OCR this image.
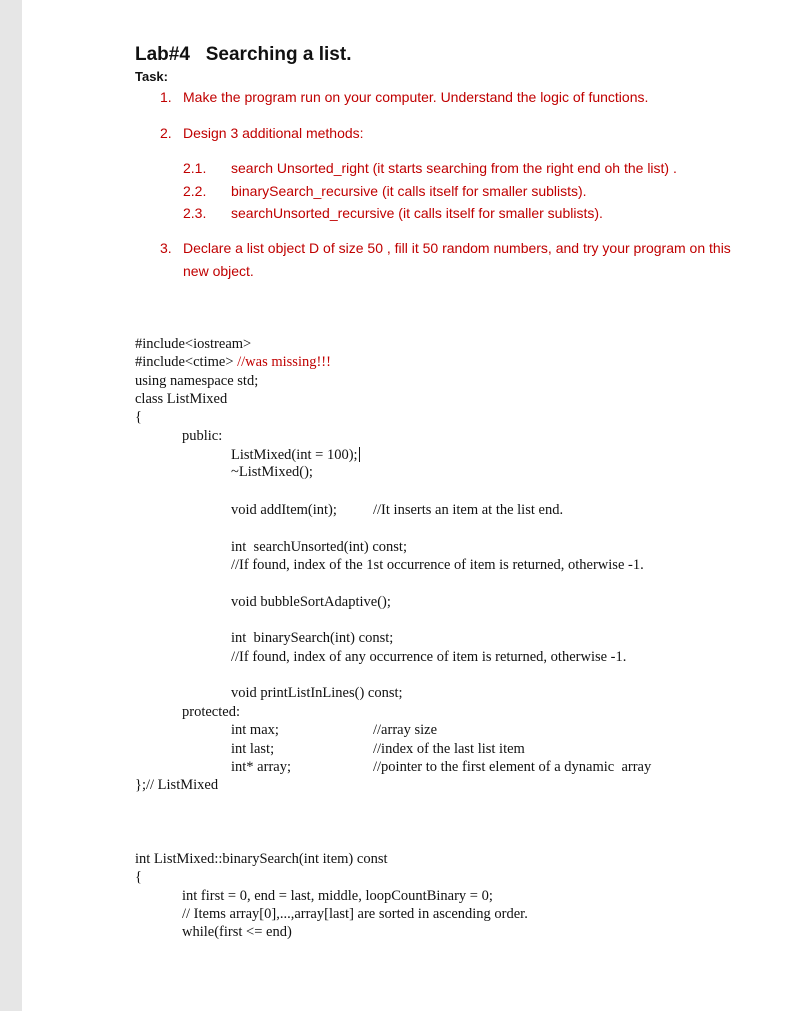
Lab#4   Searching a list.
Task:
1. Make the program run on your computer. Understand the logic of functions.
2. Design 3 additional methods:
2.1. search Unsorted_right (it starts searching from the right end oh the list) .
2.2. binarySearch_recursive (it calls itself for smaller sublists).
2.3. searchUnsorted_recursive (it calls itself for smaller sublists).
3. Declare a list object D of size 50 , fill it 50 random numbers, and try your program on this
new object.
#include<iostream>
#include<ctime> //was missing!!!
using namespace std;
class ListMixed
{
public:
ListMixed(int = 100);
~ListMixed();
void addItem(int); //It inserts an item at the list end.
int  searchUnsorted(int) const;
//If found, index of the 1st occurrence of item is returned, otherwise -1.
void bubbleSortAdaptive();
int  binarySearch(int) const;
//If found, index of any occurrence of item is returned, otherwise -1.
void printListInLines() const;
protected:
int max;	//array size
int last;	//index of the last list item
int* array;	//pointer to the first element of a dynamic  array
};// ListMixed
int ListMixed::binarySearch(int item) const
{
int first = 0, end = last, middle, loopCountBinary = 0;
// Items array[0],...,array[last] are sorted in ascending order.
while(first <= end)
